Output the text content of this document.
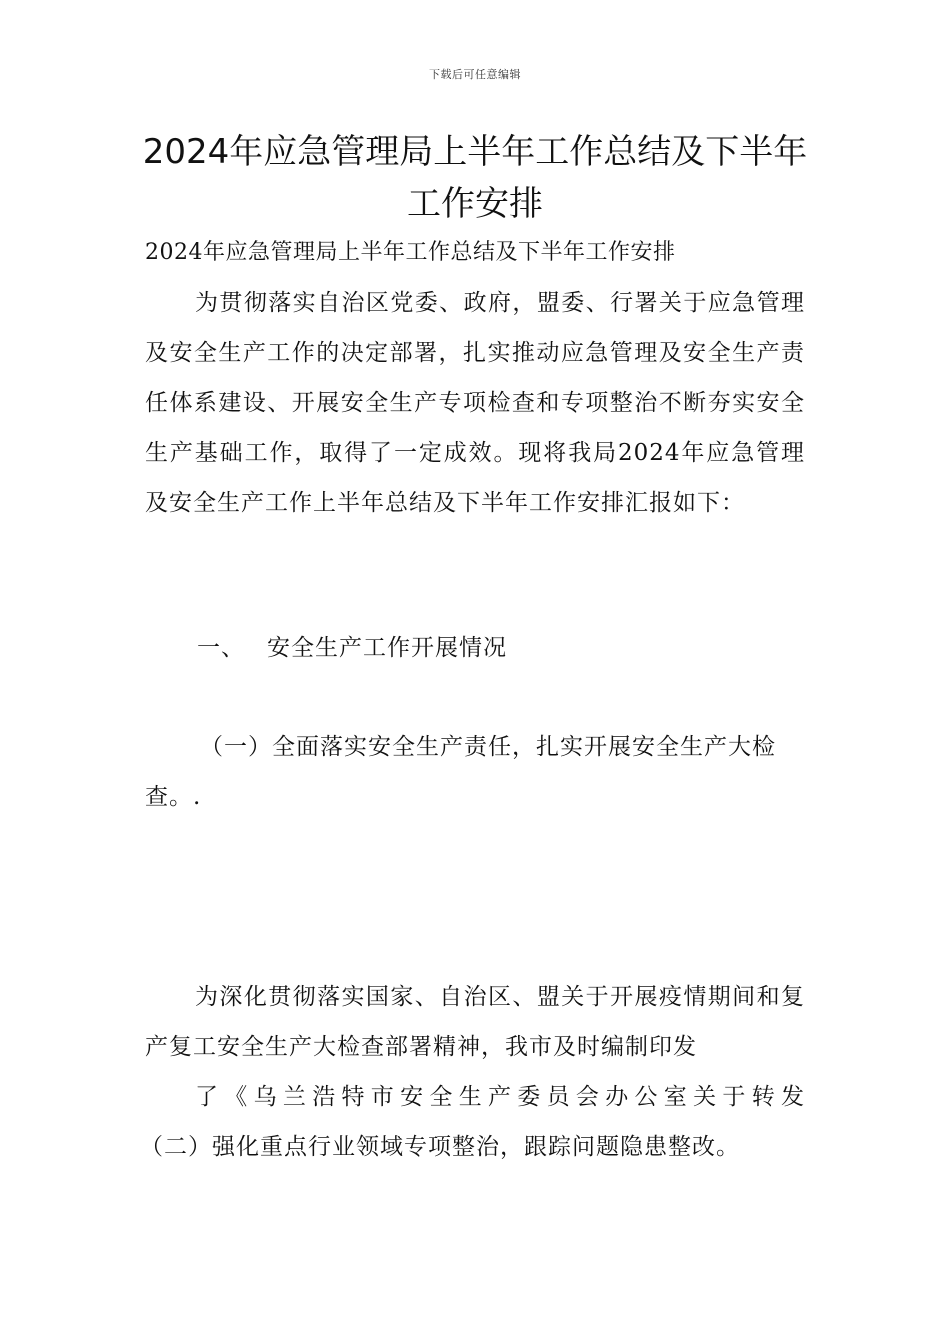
下载后可任意编辑
2024年应急管理局上半年工作总结及下半年工作安排

2024年应急管理局上半年工作总结及下半年工作安排

为贯彻落实自治区党委、政府，盟委、行署关于应急管理及安全生产工作的决定部署，扎实推动应急管理及安全生产责任体系建设、开展安全生产专项检查和专项整治不断夯实安全生产基础工作，取得了一定成效。现将我局2024年应急管理及安全生产工作上半年总结及下半年工作安排汇报如下：

一、 安全生产工作开展情况

（一）全面落实安全生产责任，扎实开展安全生产大检查。.

为深化贯彻落实国家、自治区、盟关于开展疫情期间和复产复工安全生产大检查部署精神，我市及时编制印发
了《乌兰浩特市安全生产委员会办公室关于转发
（二）强化重点行业领域专项整治，跟踪问题隐患整改。
